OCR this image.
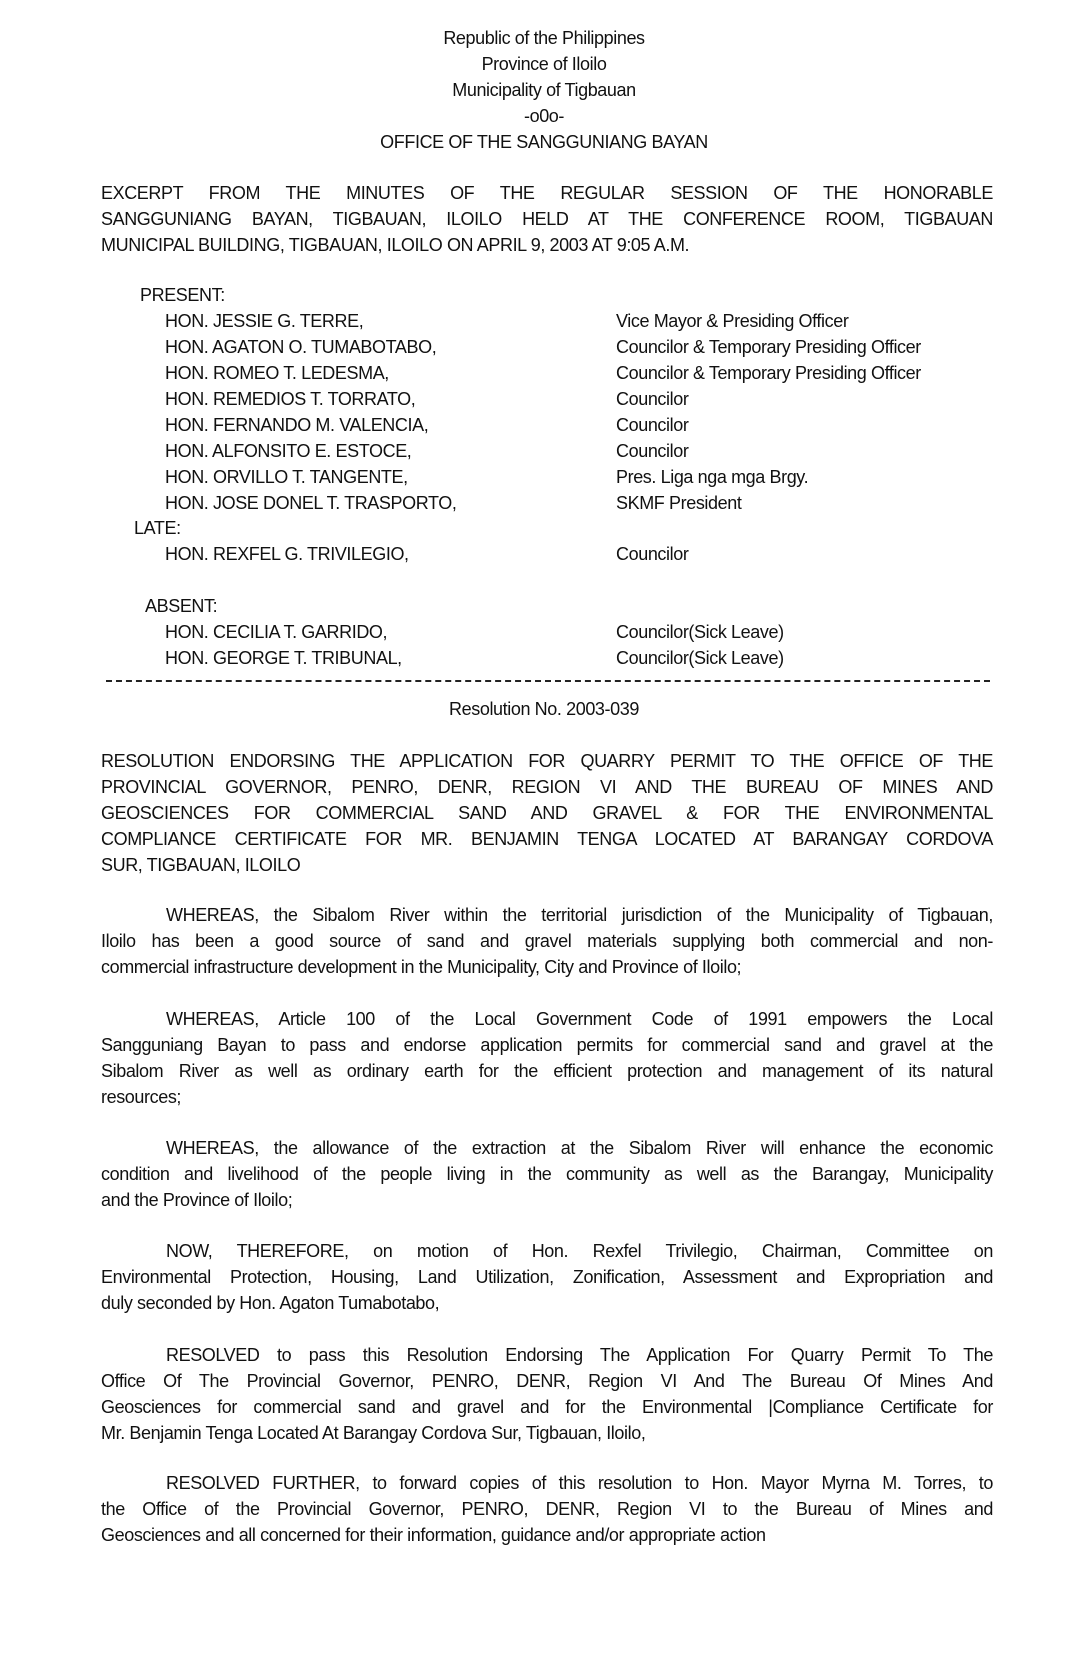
Republic of the Philippines
Province of Iloilo
Municipality of Tigbauan
-o0o-
OFFICE OF THE SANGGUNIANG BAYAN
EXCERPT FROM THE MINUTES OF THE REGULAR SESSION OF THE HONORABLE
SANGGUNIANG BAYAN, TIGBAUAN, ILOILO HELD AT THE CONFERENCE ROOM, TIGBAUAN
MUNICIPAL BUILDING, TIGBAUAN, ILOILO ON APRIL 9, 2003 AT 9:05 A.M.
PRESENT:
HON. JESSIE G. TERRE,	Vice Mayor & Presiding Officer
HON. AGATON O. TUMABOTABO,	Councilor & Temporary Presiding Officer
HON. ROMEO T. LEDESMA,	Councilor & Temporary Presiding Officer
HON. REMEDIOS T. TORRATO,	Councilor
HON. FERNANDO M. VALENCIA,	Councilor
HON. ALFONSITO E. ESTOCE,	Councilor
HON. ORVILLO T. TANGENTE,	Pres. Liga nga mga Brgy.
HON. JOSE DONEL T. TRASPORTO,	SKMF President
LATE:
HON. REXFEL G. TRIVILEGIO,	Councilor
ABSENT:
HON. CECILIA T. GARRIDO,	Councilor(Sick Leave)
HON. GEORGE T. TRIBUNAL,	Councilor(Sick Leave)
Resolution No. 2003-039
RESOLUTION ENDORSING THE APPLICATION FOR QUARRY PERMIT TO THE OFFICE OF THE
PROVINCIAL GOVERNOR, PENRO, DENR, REGION VI AND THE BUREAU OF MINES AND
GEOSCIENCES FOR COMMERCIAL SAND AND GRAVEL & FOR THE ENVIRONMENTAL
COMPLIANCE CERTIFICATE FOR MR. BENJAMIN TENGA LOCATED AT BARANGAY CORDOVA
SUR, TIGBAUAN, ILOILO
WHEREAS, the Sibalom River within the territorial jurisdiction of the Municipality of Tigbauan,
Iloilo has been a good source of sand and gravel materials supplying both commercial and non-
commercial infrastructure development in the Municipality, City and Province of Iloilo;
WHEREAS, Article 100 of the Local Government Code of 1991 empowers the Local
Sangguniang Bayan to pass and endorse application permits for commercial sand and gravel at the
Sibalom River as well as ordinary earth for the efficient protection and management of its natural
resources;
WHEREAS, the allowance of the extraction at the Sibalom River will enhance the economic
condition and livelihood of the people living in the community as well as the Barangay, Municipality
and the Province of Iloilo;
NOW, THEREFORE, on motion of Hon. Rexfel Trivilegio, Chairman, Committee on
Environmental Protection, Housing, Land Utilization, Zonification, Assessment and Expropriation and
duly seconded by Hon. Agaton Tumabotabo,
RESOLVED to pass this Resolution Endorsing The Application For Quarry Permit To The
Office Of The Provincial Governor, PENRO, DENR, Region VI And The Bureau Of Mines And
Geosciences for commercial sand and gravel and for the Environmental |Compliance Certificate for
Mr. Benjamin Tenga Located At Barangay Cordova Sur, Tigbauan, Iloilo,
RESOLVED FURTHER, to forward copies of this resolution to Hon. Mayor Myrna M. Torres, to
the Office of the Provincial Governor, PENRO, DENR, Region VI to the Bureau of Mines and
Geosciences and all concerned for their information, guidance and/or appropriate action
